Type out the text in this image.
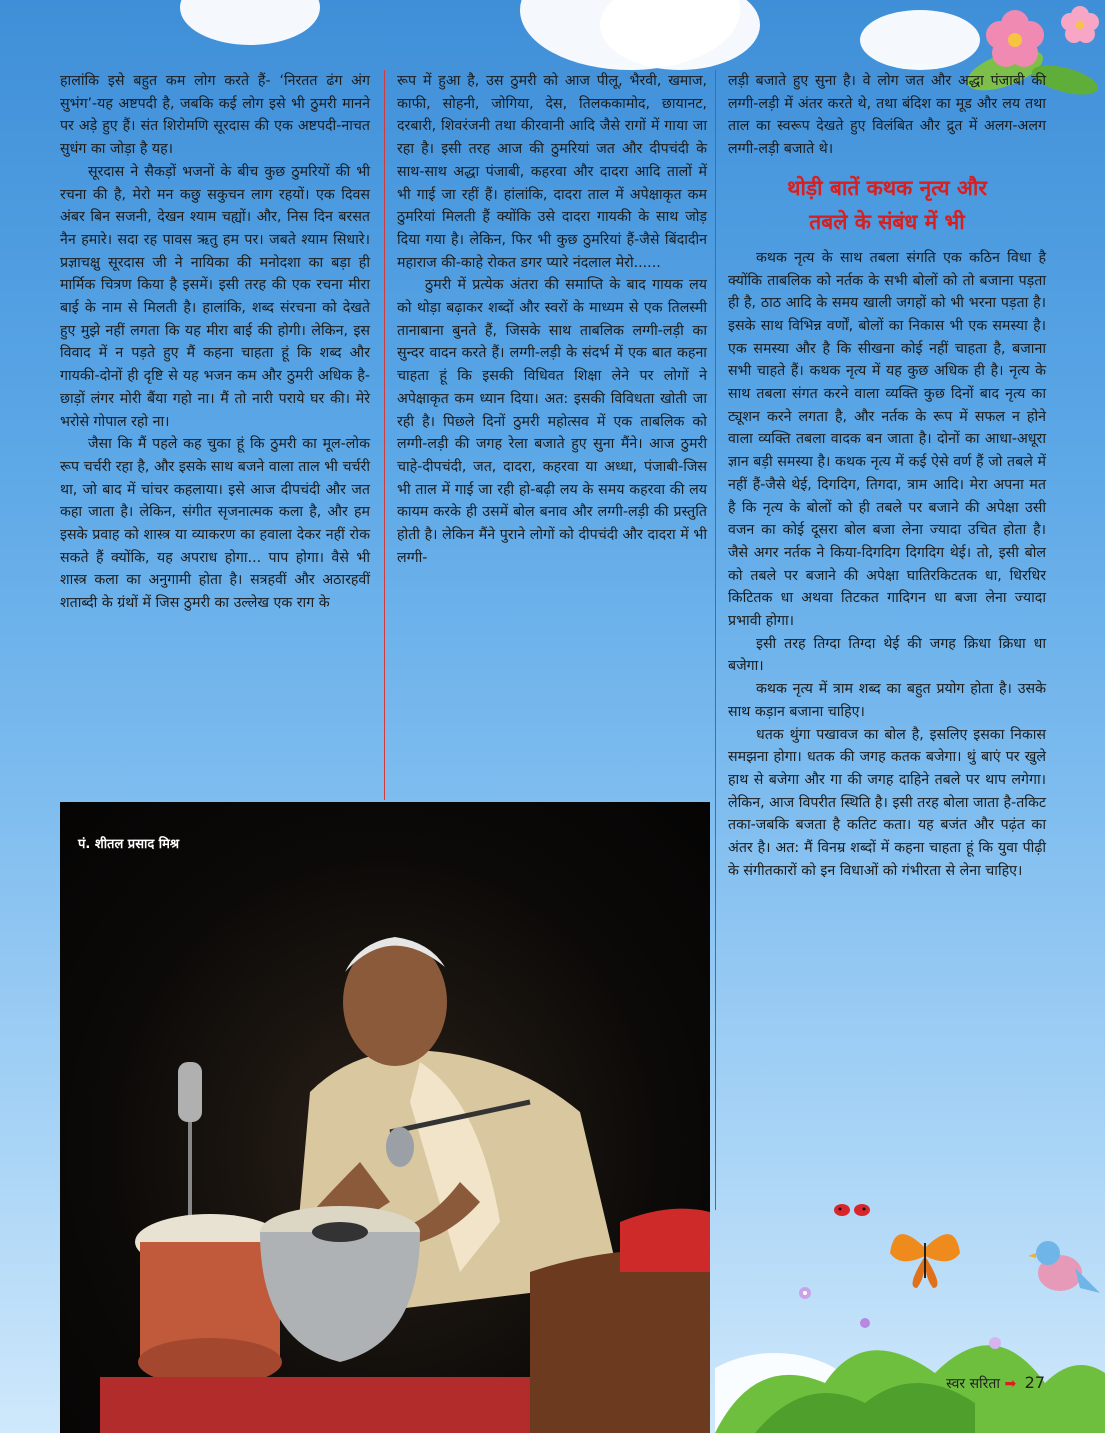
हालांकि इसे बहुत कम लोग करते हैं- ‘निरतत ढंग अंग सुभंग’-यह अष्टपदी है, जबकि कई लोग इसे भी ठुमरी मानने पर अड़े हुए हैं। संत शिरोमणि सूरदास की एक अष्टपदी-नाचत सुधंग का जोड़ा है यह।

सूरदास ने सैकड़ों भजनों के बीच कुछ ठुमरियों की भी रचना की है, मेरो मन कछु सकुचन लाग रहयों। एक दिवस अंबर बिन सजनी, देखन श्याम चह्यों। और, निस दिन बरसत नैन हमारे। सदा रह पावस ऋतु हम पर। जबते श्याम सिधारे। प्रज्ञाचक्षु सूरदास जी ने नायिका की मनोदशा का बड़ा ही मार्मिक चित्रण किया है इसमें। इसी तरह की एक रचना मीरा बाई के नाम से मिलती है। हालांकि, शब्द संरचना को देखते हुए मुझे नहीं लगता कि यह मीरा बाई की होगी। लेकिन, इस विवाद में न पड़ते हुए मैं कहना चाहता हूं कि शब्द और गायकी-दोनों ही दृष्टि से यह भजन कम और ठुमरी अधिक है-छाड़ों लंगर मोरी बैंया गहो ना। मैं तो नारी पराये घर की। मेरे भरोसे गोपाल रहो ना।

जैसा कि मैं पहले कह चुका हूं कि ठुमरी का मूल-लोक रूप चर्चरी रहा है, और इसके साथ बजने वाला ताल भी चर्चरी था, जो बाद में चांचर कहलाया। इसे आज दीपचंदी और जत कहा जाता है। लेकिन, संगीत सृजनात्मक कला है, और हम इसके प्रवाह को शास्त्र या व्याकरण का हवाला देकर नहीं रोक सकते हैं क्योंकि, यह अपराध होगा... पाप होगा। वैसे भी शास्त्र कला का अनुगामी होता है। सत्रहवीं और अठारहवीं शताब्दी के ग्रंथों में जिस ठुमरी का उल्लेख एक राग के

रूप में हुआ है, उस ठुमरी को आज पीलू, भैरवी, खमाज, काफी, सोहनी, जोगिया, देस, तिलककामोद, छायानट, दरबारी, शिवरंजनी तथा कीरवानी आदि जैसे रागों में गाया जा रहा है। इसी तरह आज की ठुमरियां जत और दीपचंदी के साथ-साथ अद्धा पंजाबी, कहरवा और दादरा आदि तालों में भी गाई जा रहीं हैं। हांलांकि, दादरा ताल में अपेक्षाकृत कम ठुमरियां मिलती हैं क्योंकि उसे दादरा गायकी के साथ जोड़ दिया गया है। लेकिन, फिर भी कुछ ठुमरियां हैं-जैसे बिंदादीन महाराज की-काहे रोकत डगर प्यारे नंदलाल मेरो......

ठुमरी में प्रत्येक अंतरा की समाप्ति के बाद गायक लय को थोड़ा बढ़ाकर शब्दों और स्वरों के माध्यम से एक तिलस्मी तानाबाना बुनते हैं, जिसके साथ ताबलिक लग्गी-लड़ी का सुन्दर वादन करते हैं। लग्गी-लड़ी के संदर्भ में एक बात कहना चाहता हूं कि इसकी विधिवत शिक्षा लेने पर लोगों ने अपेक्षाकृत कम ध्यान दिया। अत: इसकी विविधता खोती जा रही है। पिछले दिनों ठुमरी महोत्सव में एक ताबलिक को लग्गी-लड़ी की जगह रेला बजाते हुए सुना मैंने। आज ठुमरी चाहे-दीपचंदी, जत, दादरा, कहरवा या अध्धा, पंजाबी-जिस भी ताल में गाई जा रही हो-बढ़ी लय के समय कहरवा की लय कायम करके ही उसमें बोल बनाव और लग्गी-लड़ी की प्रस्तुति होती है। लेकिन मैंने पुराने लोगों को दीपचंदी और दादरा में भी लग्गी-

लड़ी बजाते हुए सुना है। वे लोग जत और अद्धा पंजाबी की लग्गी-लड़ी में अंतर करते थे, तथा बंदिश का मूड और लय तथा ताल का स्वरूप देखते हुए विलंबित और द्रुत में अलग-अलग लग्गी-लड़ी बजाते थे।

थोड़ी बातें कथक नृत्य और
तबले के संबंध में भी

कथक नृत्य के साथ तबला संगति एक कठिन विधा है क्योंकि ताबलिक को नर्तक के सभी बोलों को तो बजाना पड़ता ही है, ठाठ आदि के समय खाली जगहों को भी भरना पड़ता है। इसके साथ विभिन्न वर्णों, बोलों का निकास भी एक समस्या है। एक समस्या और है कि सीखना कोई नहीं चाहता है, बजाना सभी चाहते हैं। कथक नृत्य में यह कुछ अधिक ही है। नृत्य के साथ तबला संगत करने वाला व्यक्ति कुछ दिनों बाद नृत्य का ट्यूशन करने लगता है, और नर्तक के रूप में सफल न होने वाला व्यक्ति तबला वादक बन जाता है। दोनों का आधा-अधूरा ज्ञान बड़ी समस्या है। कथक नृत्य में कई ऐसे वर्ण हैं जो तबले में नहीं हैं-जैसे थेई, दिगदिग, तिगदा, त्राम आदि। मेरा अपना मत है कि नृत्य के बोलों को ही तबले पर बजाने की अपेक्षा उसी वजन का कोई दूसरा बोल बजा लेना ज्यादा उचित होता है। जैसे अगर नर्तक ने किया-दिगदिग दिगदिग थेई। तो, इसी बोल को तबले पर बजाने की अपेक्षा घातिरकिटतक धा, धिरधिर किटितक धा अथवा तिटकत गादिगन धा बजा लेना ज्यादा प्रभावी होगा।

इसी तरह तिग्दा तिग्दा थेई की जगह क्रिधा क्रिधा धा बजेगा।

कथक नृत्य में त्राम शब्द का बहुत प्रयोग होता है। उसके साथ कड़ान बजाना चाहिए।

धतक थुंगा पखावज का बोल है, इसलिए इसका निकास समझना होगा। धतक की जगह कतक बजेगा। थुं बाएं पर खुले हाथ से बजेगा और गा की जगह दाहिने तबले पर थाप लगेगा। लेकिन, आज विपरीत स्थिति है। इसी तरह बोला जाता है-तकिट तका-जबकि बजता है कतिट कता। यह बजंत और पढ़ंत का अंतर है। अत: मैं विनम्र शब्दों में कहना चाहता हूं कि युवा पीढ़ी के संगीतकारों को इन विधाओं को गंभीरता से लेना चाहिए।

पं. शीतल प्रसाद मिश्र
स्वर सरिता ➡ 27
